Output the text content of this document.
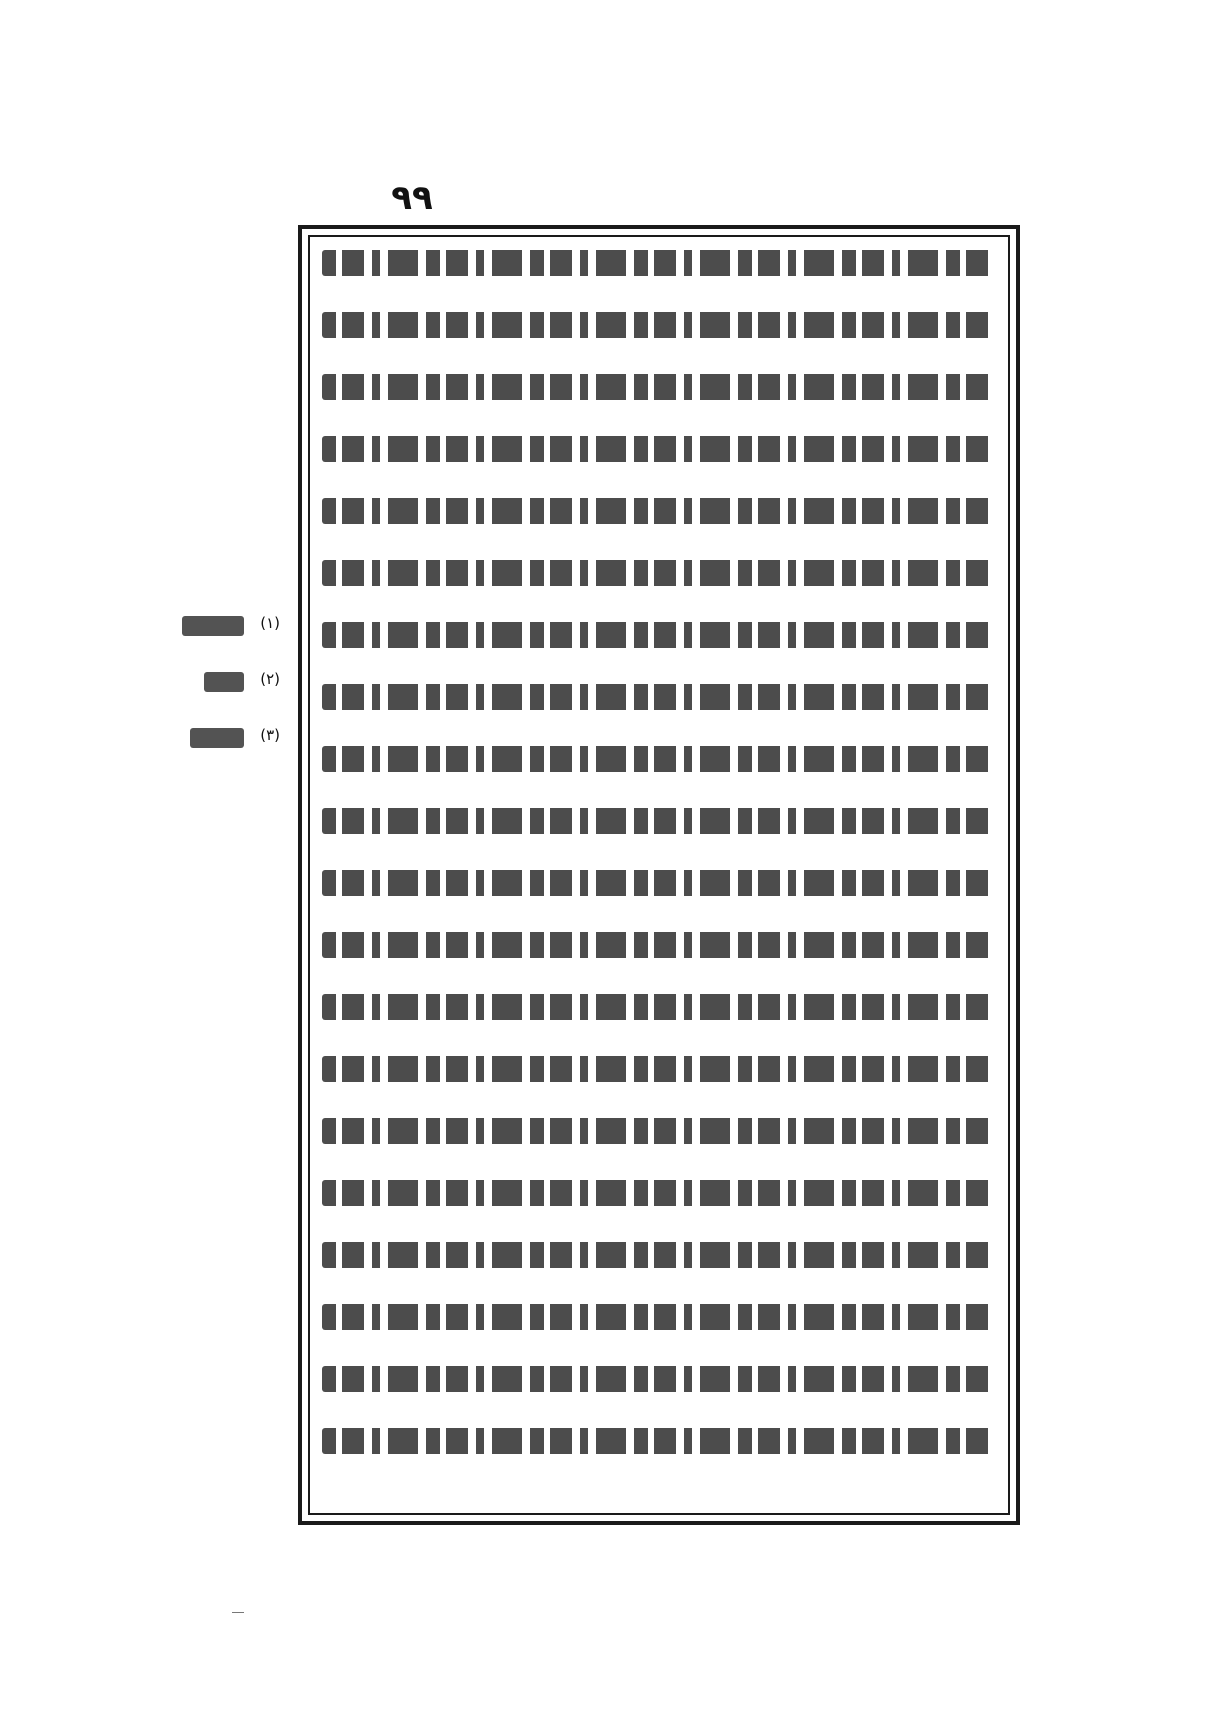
٩٩
(١)
(٢)
(٣)
